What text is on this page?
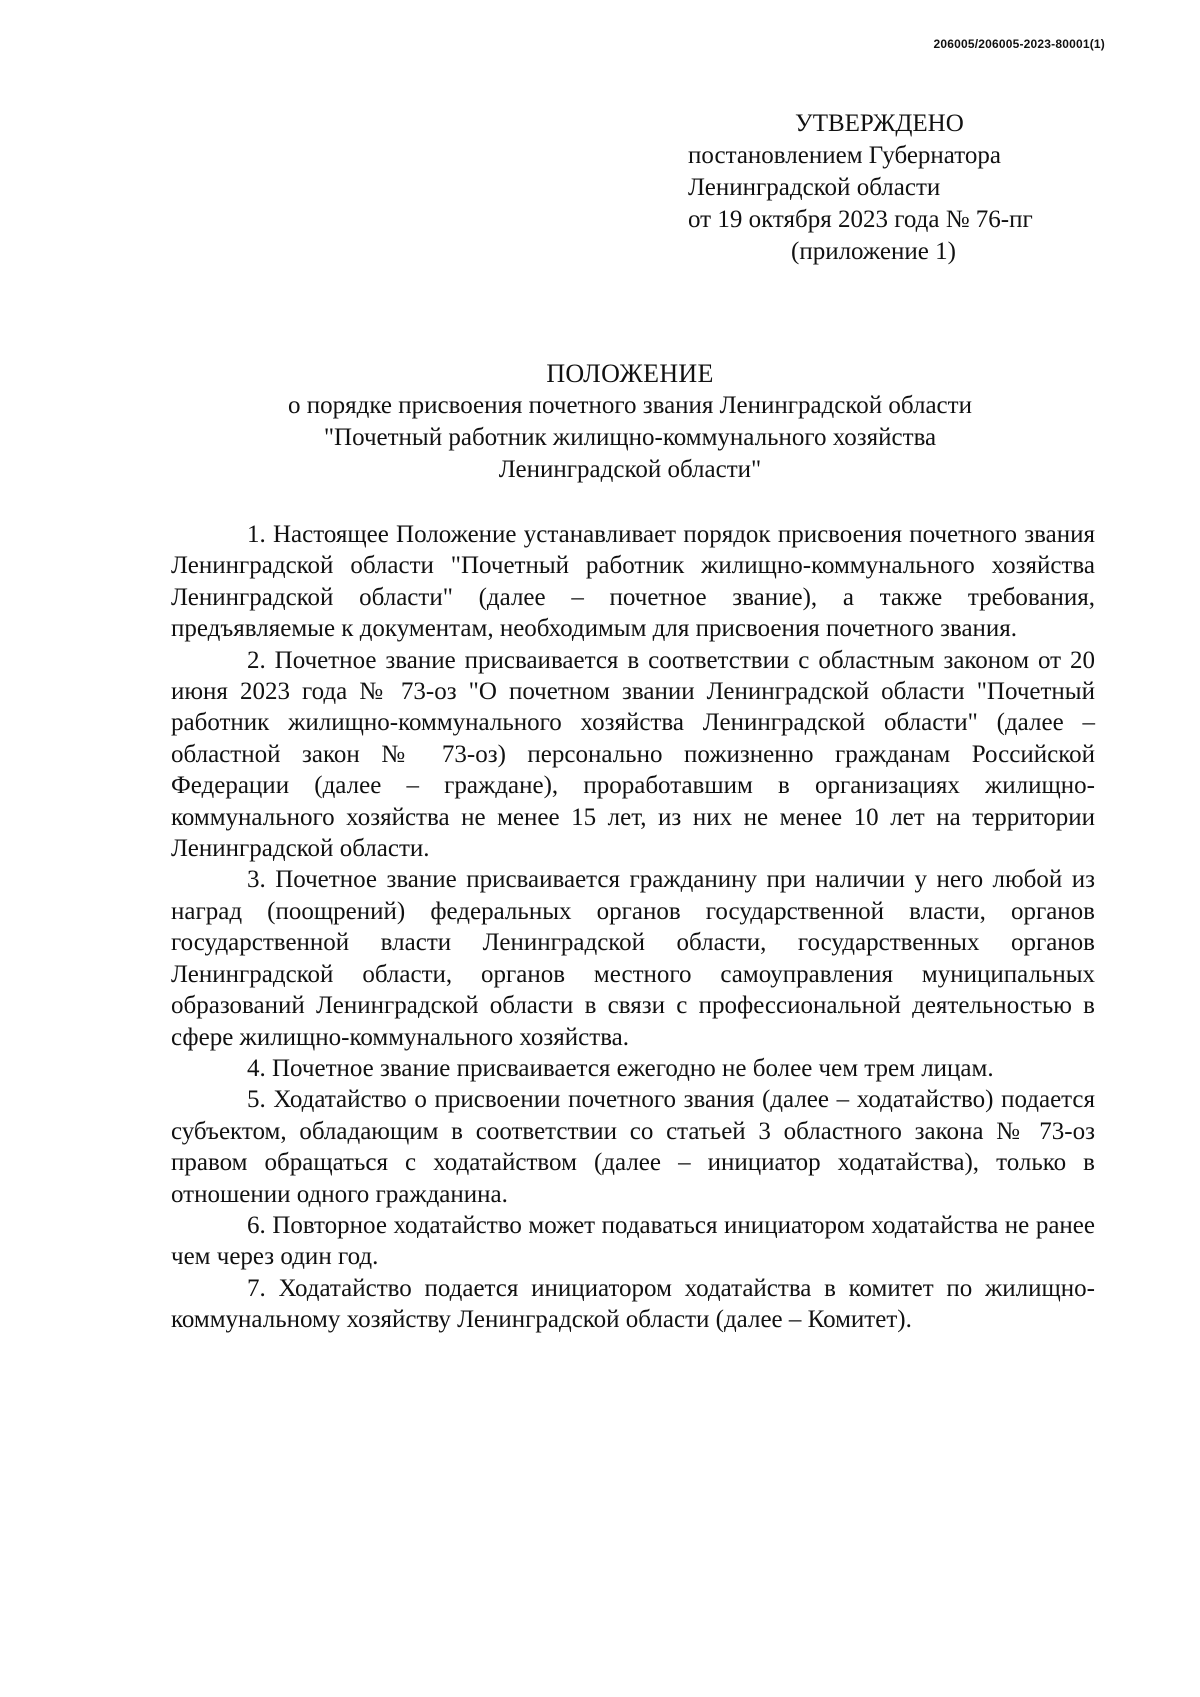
206005/206005-2023-80001(1)
УТВЕРЖДЕНО
постановлением Губернатора
Ленинградской области
от 19 октября 2023 года № 76-пг
(приложение 1)
ПОЛОЖЕНИЕ
о порядке присвоения почетного звания Ленинградской области
"Почетный работник жилищно-коммунального хозяйства
Ленинградской области"

1. Настоящее Положение устанавливает порядок присвоения почетного звания Ленинградской области "Почетный работник жилищно-коммунального хозяйства Ленинградской области" (далее – почетное звание), а также требования, предъявляемые к документам, необходимым для присвоения почетного звания.

2. Почетное звание присваивается в соответствии с областным законом от 20 июня 2023 года № 73-оз "О почетном звании Ленинградской области "Почетный работник жилищно-коммунального хозяйства Ленинградской области" (далее – областной закон № 73-оз) персонально пожизненно гражданам Российской Федерации (далее – граждане), проработавшим в организациях жилищно-коммунального хозяйства не менее 15 лет, из них не менее 10 лет на территории Ленинградской области.

3. Почетное звание присваивается гражданину при наличии у него любой из наград (поощрений) федеральных органов государственной власти, органов государственной власти Ленинградской области, государственных органов Ленинградской области, органов местного самоуправления муниципальных образований Ленинградской области в связи с профессиональной деятельностью в сфере жилищно-коммунального хозяйства.

4. Почетное звание присваивается ежегодно не более чем трем лицам.

5. Ходатайство о присвоении почетного звания (далее – ходатайство) подается субъектом, обладающим в соответствии со статьей 3 областного закона № 73-оз правом обращаться с ходатайством (далее – инициатор ходатайства), только в отношении одного гражданина.

6. Повторное ходатайство может подаваться инициатором ходатайства не ранее чем через один год.

7. Ходатайство подается инициатором ходатайства в комитет по жилищно-коммунальному хозяйству Ленинградской области (далее – Комитет).
